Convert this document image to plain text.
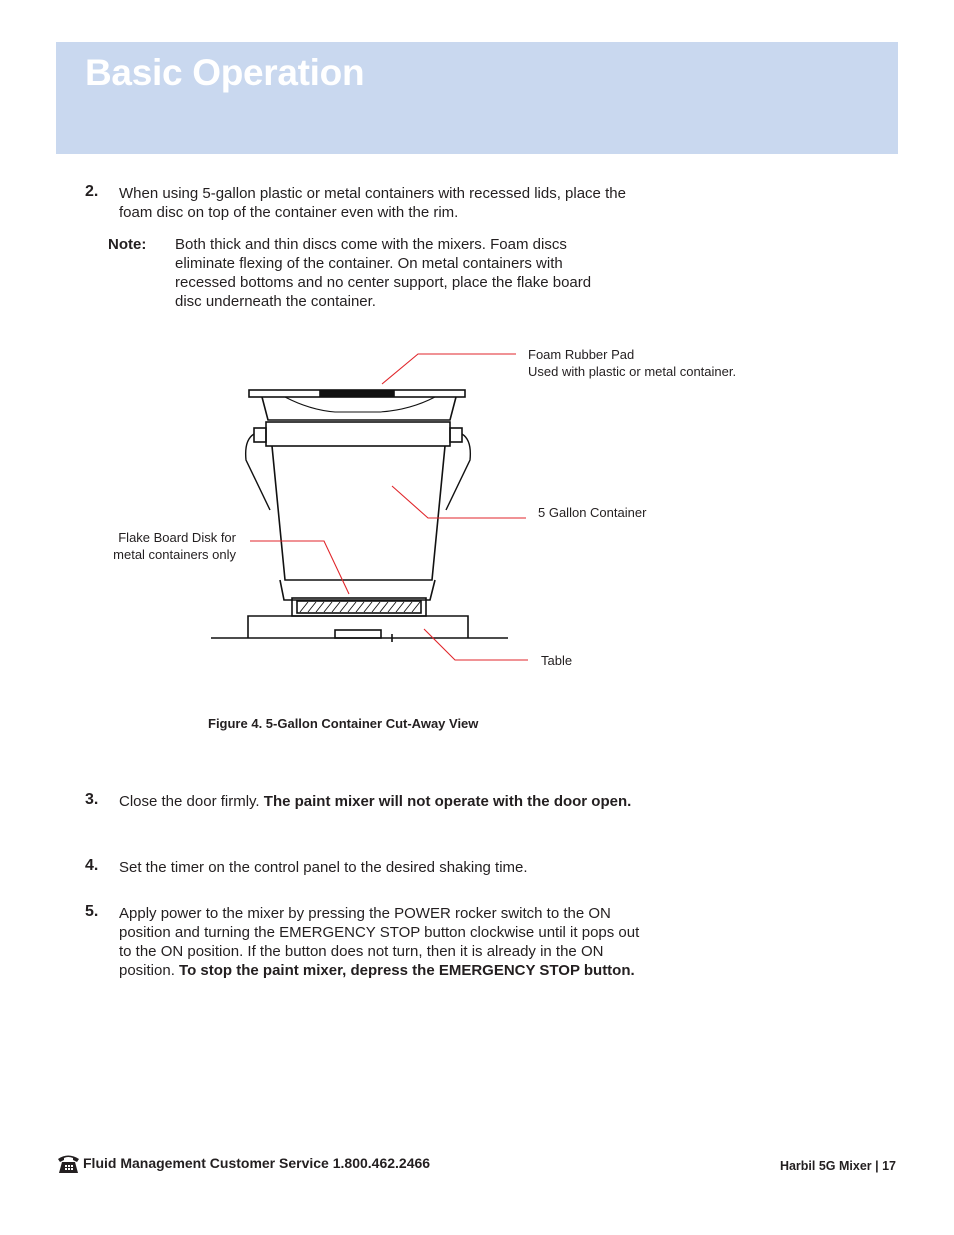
Basic Operation
2. When using 5-gallon plastic or metal containers with recessed lids, place the foam disc on top of the container even with the rim.
Note: Both thick and thin discs come with the mixers. Foam discs eliminate flexing of the container. On metal containers with recessed bottoms and no center support, place the flake board disc underneath the container.
Foam Rubber Pad
Used with plastic or metal container.
5 Gallon Container
Flake Board Disk for
metal containers only
Table
Figure 4. 5-Gallon Container Cut-Away View
3. Close the door firmly. The paint mixer will not operate with the door open.
4. Set the timer on the control panel to the desired shaking time.
5. Apply power to the mixer by pressing the POWER rocker switch to the ON position and turning the EMERGENCY STOP button clockwise until it pops out to the ON position. If the button does not turn, then it is already in the ON position. To stop the paint mixer, depress the EMERGENCY STOP button.
Fluid Management Customer Service 1.800.462.2466	Harbil 5G Mixer | 17
